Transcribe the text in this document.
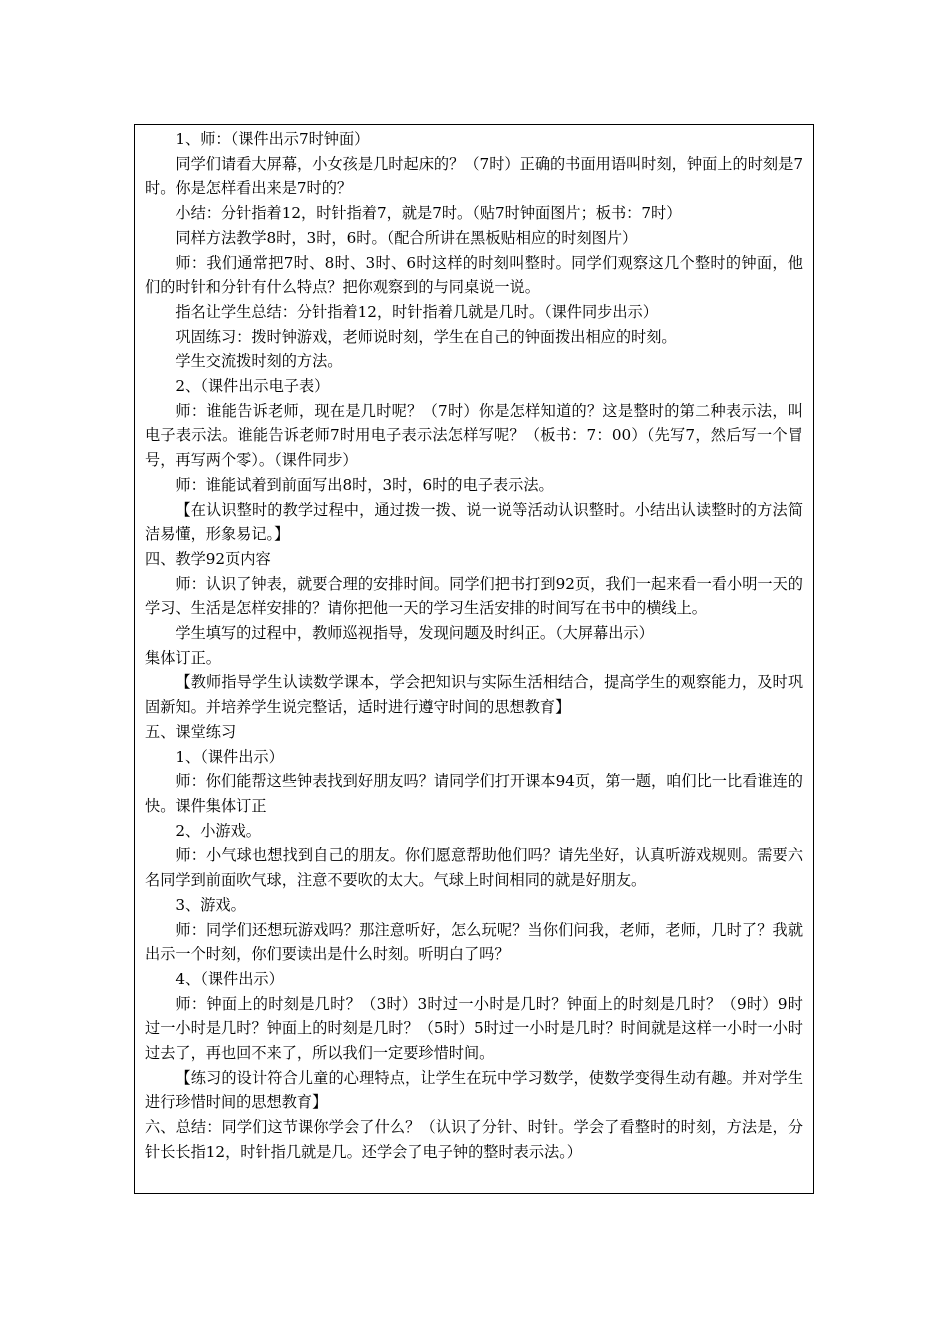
1、师：（课件出示7时钟面）

同学们请看大屏幕，小女孩是几时起床的？（7时）正确的书面用语叫时刻，钟面上的时刻是7时。你是怎样看出来是7时的？

小结：分针指着12，时针指着7，就是7时。（贴7时钟面图片；板书：7时）

同样方法教学8时，3时，6时。（配合所讲在黑板贴相应的时刻图片）

师：我们通常把7时、8时、3时、6时这样的时刻叫整时。同学们观察这几个整时的钟面，他们的时针和分针有什么特点？把你观察到的与同桌说一说。

指名让学生总结：分针指着12，时针指着几就是几时。（课件同步出示）

巩固练习：拨时钟游戏，老师说时刻，学生在自己的钟面拨出相应的时刻。

学生交流拨时刻的方法。

2、（课件出示电子表）

师：谁能告诉老师，现在是几时呢？（7时）你是怎样知道的？这是整时的第二种表示法，叫电子表示法。谁能告诉老师7时用电子表示法怎样写呢？（板书：7：00）（先写7，然后写一个冒号，再写两个零）。（课件同步）

师：谁能试着到前面写出8时，3时，6时的电子表示法。

【在认识整时的教学过程中，通过拨一拨、说一说等活动认识整时。小结出认读整时的方法简洁易懂，形象易记。】

四、教学92页内容

师：认识了钟表，就要合理的安排时间。同学们把书打到92页，我们一起来看一看小明一天的学习、生活是怎样安排的？请你把他一天的学习生活安排的时间写在书中的横线上。

学生填写的过程中，教师巡视指导，发现问题及时纠正。（大屏幕出示）

集体订正。

【教师指导学生认读数学课本，学会把知识与实际生活相结合，提高学生的观察能力，及时巩固新知。并培养学生说完整话，适时进行遵守时间的思想教育】

五、课堂练习

1、（课件出示）

师：你们能帮这些钟表找到好朋友吗？请同学们打开课本94页，第一题，咱们比一比看谁连的快。课件集体订正

2、小游戏。

师：小气球也想找到自己的朋友。你们愿意帮助他们吗？请先坐好，认真听游戏规则。需要六名同学到前面吹气球，注意不要吹的太大。气球上时间相同的就是好朋友。

3、游戏。

师：同学们还想玩游戏吗？那注意听好，怎么玩呢？当你们问我，老师，老师，几时了？我就出示一个时刻，你们要读出是什么时刻。听明白了吗？

4、（课件出示）

师：钟面上的时刻是几时？（3时）3时过一小时是几时？钟面上的时刻是几时？（9时）9时过一小时是几时？钟面上的时刻是几时？（5时）5时过一小时是几时？时间就是这样一小时一小时过去了，再也回不来了，所以我们一定要珍惜时间。

【练习的设计符合儿童的心理特点，让学生在玩中学习数学，使数学变得生动有趣。并对学生进行珍惜时间的思想教育】

六、总结：同学们这节课你学会了什么？（认识了分针、时针。学会了看整时的时刻，方法是，分针长长指12，时针指几就是几。还学会了电子钟的整时表示法。）
